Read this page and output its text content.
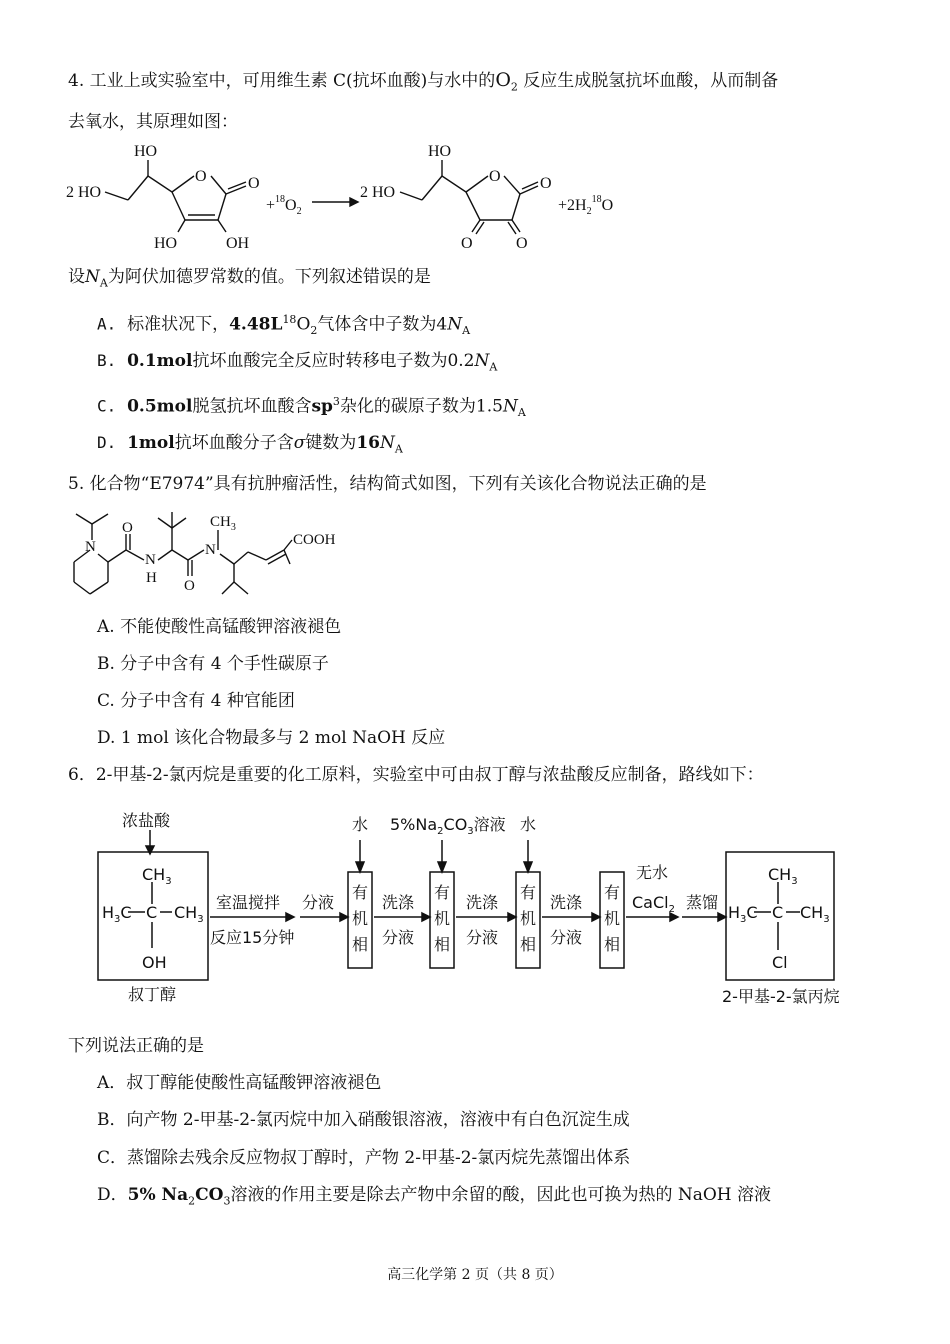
4. 工业上或实验室中，可用维生素 C(抗坏血酸)与水中的$O_2$ 反应生成脱氢抗坏血酸，从而制备
去氧水，其原理如图：
HO
2 HO
O	O
HO	OH
$+^{18}O_2$
HO
2 HO
O O
O	O
$+2H_2^{18}O$
设$N_A$为阿伏加德罗常数的值。下列叙述错误的是
A. 标准状况下，$4.48L^{18}O_2$气体含中子数为$4N_A$
B. 0.1mol抗坏血酸完全反应时转移电子数为$0.2N_A$
C. 0.5mol脱氢抗坏血酸含$sp^3$杂化的碳原子数为$1.5N_A$
D. 1mol抗坏血酸分子含σ键数为$16N_A$
5. 化合物“E7974”具有抗肿瘤活性，结构简式如图，下列有关该化合物说法正确的是
N
O
N
H O
N
$CH_3$
COOH
A. 不能使酸性高锰酸钾溶液褪色
B. 分子中含有 4 个手性碳原子
C. 分子中含有 4 种官能团
D. 1 mol 该化合物最多与 2 mol NaOH 反应
6．2-甲基-2-氯丙烷是重要的化工原料，实验室中可由叔丁醇与浓盐酸反应制备，路线如下：
浓盐酸
$CH_3$
$H_3C$ C $CH_3$
OH
叔丁醇
室温搅拌
反应15分钟
分液
有
机
相
水
洗涤
分液
有
机
相
$5\%Na_2CO_3$溶液
洗涤
分液
有
机
相
水
洗涤
分液
有
机
相
无水
CaCl$_2$ 蒸馏
$CH_3$
$H_3C$ C $CH_3$
Cl
2-甲基-2-氯丙烷
下列说法正确的是
A．叔丁醇能使酸性高锰酸钾溶液褪色
B．向产物 2-甲基-2-氯丙烷中加入硝酸银溶液，溶液中有白色沉淀生成
C．蒸馏除去残余反应物叔丁醇时，产物 2-甲基-2-氯丙烷先蒸馏出体系
D．5% $Na_2CO_3$溶液的作用主要是除去产物中余留的酸，因此也可换为热的 NaOH 溶液
高三化学第 2 页（共 8 页）
